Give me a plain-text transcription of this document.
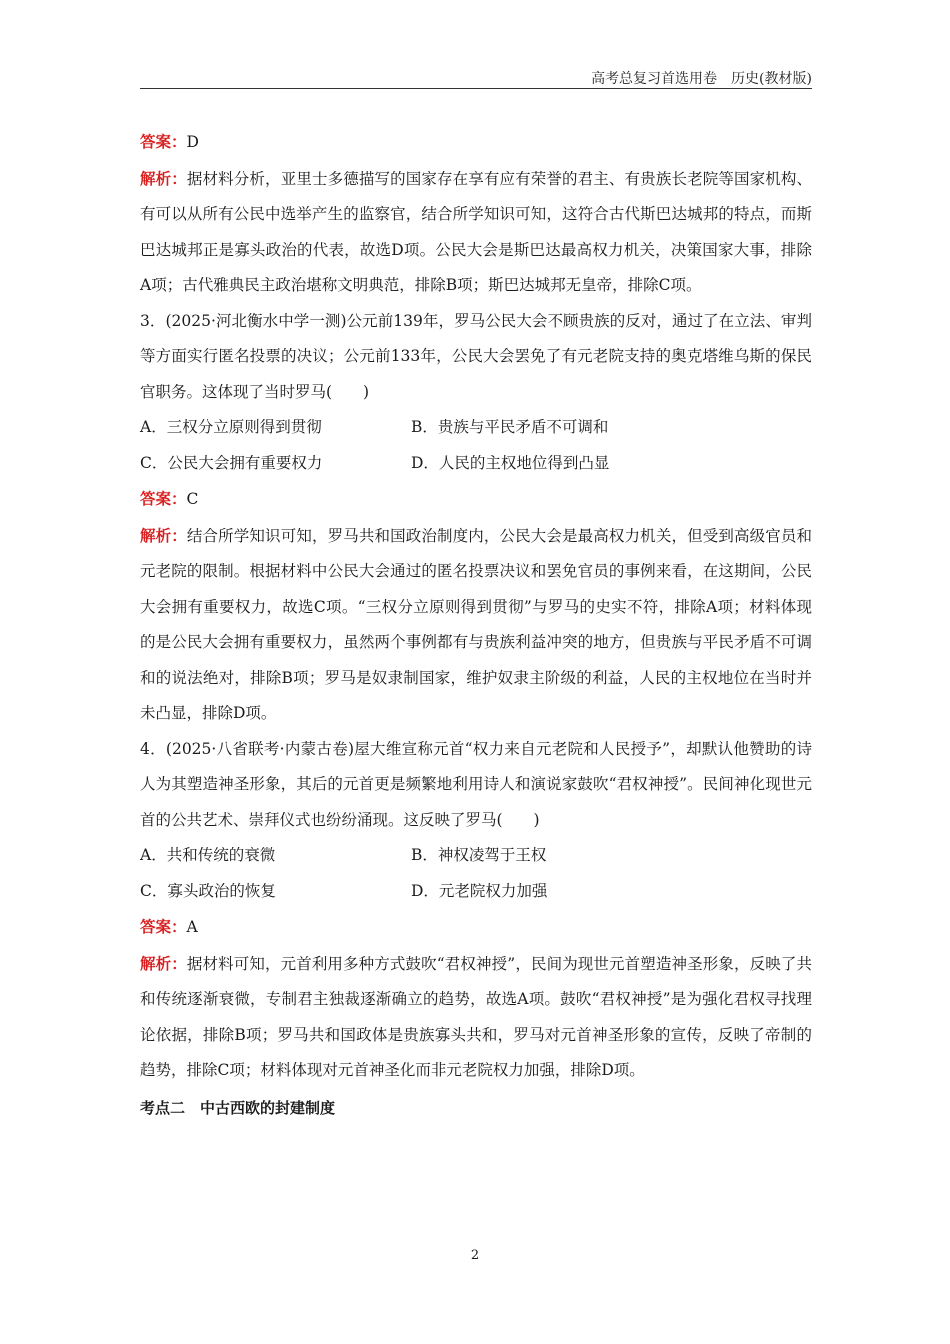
高考总复习首选用卷　历史(教材版)

答案：D

解析：据材料分析，亚里士多德描写的国家存在享有应有荣誉的君主、有贵族长老院等国家机构、有可以从所有公民中选举产生的监察官，结合所学知识可知，这符合古代斯巴达城邦的特点，而斯巴达城邦正是寡头政治的代表，故选D项。公民大会是斯巴达最高权力机关，决策国家大事，排除A项；古代雅典民主政治堪称文明典范，排除B项；斯巴达城邦无皇帝，排除C项。

3．(2025·河北衡水中学一测)公元前139年，罗马公民大会不顾贵族的反对，通过了在立法、审判等方面实行匿名投票的决议；公元前133年，公民大会罢免了有元老院支持的奥克塔维乌斯的保民官职务。这体现了当时罗马(　　)

A．三权分立原则得到贯彻	B．贵族与平民矛盾不可调和
C．公民大会拥有重要权力	D．人民的主权地位得到凸显

答案：C

解析：结合所学知识可知，罗马共和国政治制度内，公民大会是最高权力机关，但受到高级官员和元老院的限制。根据材料中公民大会通过的匿名投票决议和罢免官员的事例来看，在这期间，公民大会拥有重要权力，故选C项。“三权分立原则得到贯彻”与罗马的史实不符，排除A项；材料体现的是公民大会拥有重要权力，虽然两个事例都有与贵族利益冲突的地方，但贵族与平民矛盾不可调和的说法绝对，排除B项；罗马是奴隶制国家，维护奴隶主阶级的利益，人民的主权地位在当时并未凸显，排除D项。

4．(2025·八省联考·内蒙古卷)屋大维宣称元首“权力来自元老院和人民授予”，却默认他赞助的诗人为其塑造神圣形象，其后的元首更是频繁地利用诗人和演说家鼓吹“君权神授”。民间神化现世元首的公共艺术、崇拜仪式也纷纷涌现。这反映了罗马(　　)

A．共和传统的衰微	B．神权凌驾于王权
C．寡头政治的恢复	D．元老院权力加强

答案：A

解析：据材料可知，元首利用多种方式鼓吹“君权神授”，民间为现世元首塑造神圣形象，反映了共和传统逐渐衰微，专制君主独裁逐渐确立的趋势，故选A项。鼓吹“君权神授”是为强化君权寻找理论依据，排除B项；罗马共和国政体是贵族寡头共和，罗马对元首神圣形象的宣传，反映了帝制的趋势，排除C项；材料体现对元首神圣化而非元老院权力加强，排除D项。

考点二　中古西欧的封建制度

2
